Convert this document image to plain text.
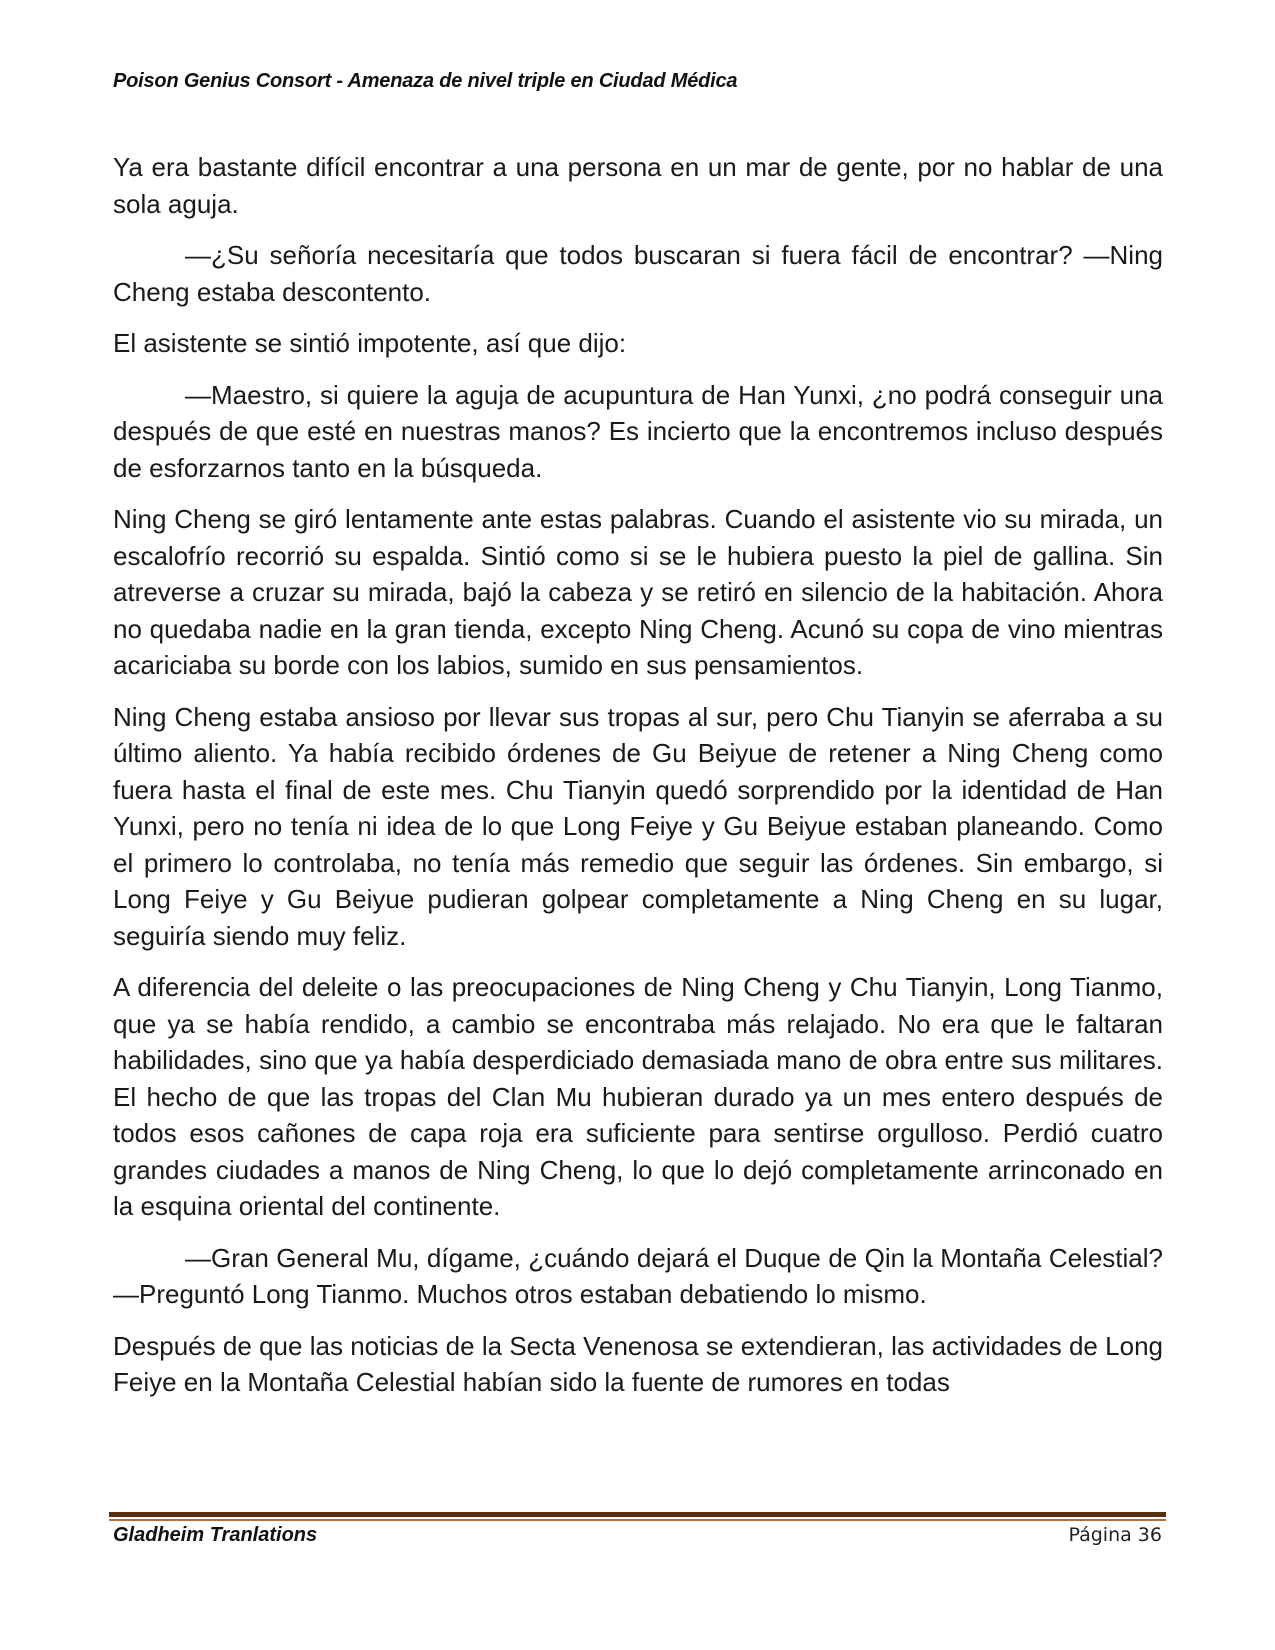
Poison Genius Consort - Amenaza de nivel triple en Ciudad Médica

Ya era bastante difícil encontrar a una persona en un mar de gente, por no hablar de una sola aguja.

—¿Su señoría necesitaría que todos buscaran si fuera fácil de encontrar? —Ning Cheng estaba descontento.

El asistente se sintió impotente, así que dijo:

—Maestro, si quiere la aguja de acupuntura de Han Yunxi, ¿no podrá conseguir una después de que esté en nuestras manos? Es incierto que la encontremos incluso después de esforzarnos tanto en la búsqueda.

Ning Cheng se giró lentamente ante estas palabras. Cuando el asistente vio su mirada, un escalofrío recorrió su espalda. Sintió como si se le hubiera puesto la piel de gallina. Sin atreverse a cruzar su mirada, bajó la cabeza y se retiró en silencio de la habitación. Ahora no quedaba nadie en la gran tienda, excepto Ning Cheng. Acunó su copa de vino mientras acariciaba su borde con los labios, sumido en sus pensamientos.

Ning Cheng estaba ansioso por llevar sus tropas al sur, pero Chu Tianyin se aferraba a su último aliento. Ya había recibido órdenes de Gu Beiyue de retener a Ning Cheng como fuera hasta el final de este mes. Chu Tianyin quedó sorprendido por la identidad de Han Yunxi, pero no tenía ni idea de lo que Long Feiye y Gu Beiyue estaban planeando. Como el primero lo controlaba, no tenía más remedio que seguir las órdenes. Sin embargo, si Long Feiye y Gu Beiyue pudieran golpear completamente a Ning Cheng en su lugar, seguiría siendo muy feliz.

A diferencia del deleite o las preocupaciones de Ning Cheng y Chu Tianyin, Long Tianmo, que ya se había rendido, a cambio se encontraba más relajado. No era que le faltaran habilidades, sino que ya había desperdiciado demasiada mano de obra entre sus militares. El hecho de que las tropas del Clan Mu hubieran durado ya un mes entero después de todos esos cañones de capa roja era suficiente para sentirse orgulloso. Perdió cuatro grandes ciudades a manos de Ning Cheng, lo que lo dejó completamente arrinconado en la esquina oriental del continente.

—Gran General Mu, dígame, ¿cuándo dejará el Duque de Qin la Montaña Celestial? —Preguntó Long Tianmo. Muchos otros estaban debatiendo lo mismo.

Después de que las noticias de la Secta Venenosa se extendieran, las actividades de Long Feiye en la Montaña Celestial habían sido la fuente de rumores en todas

Gladheim Tranlations	Página 36
